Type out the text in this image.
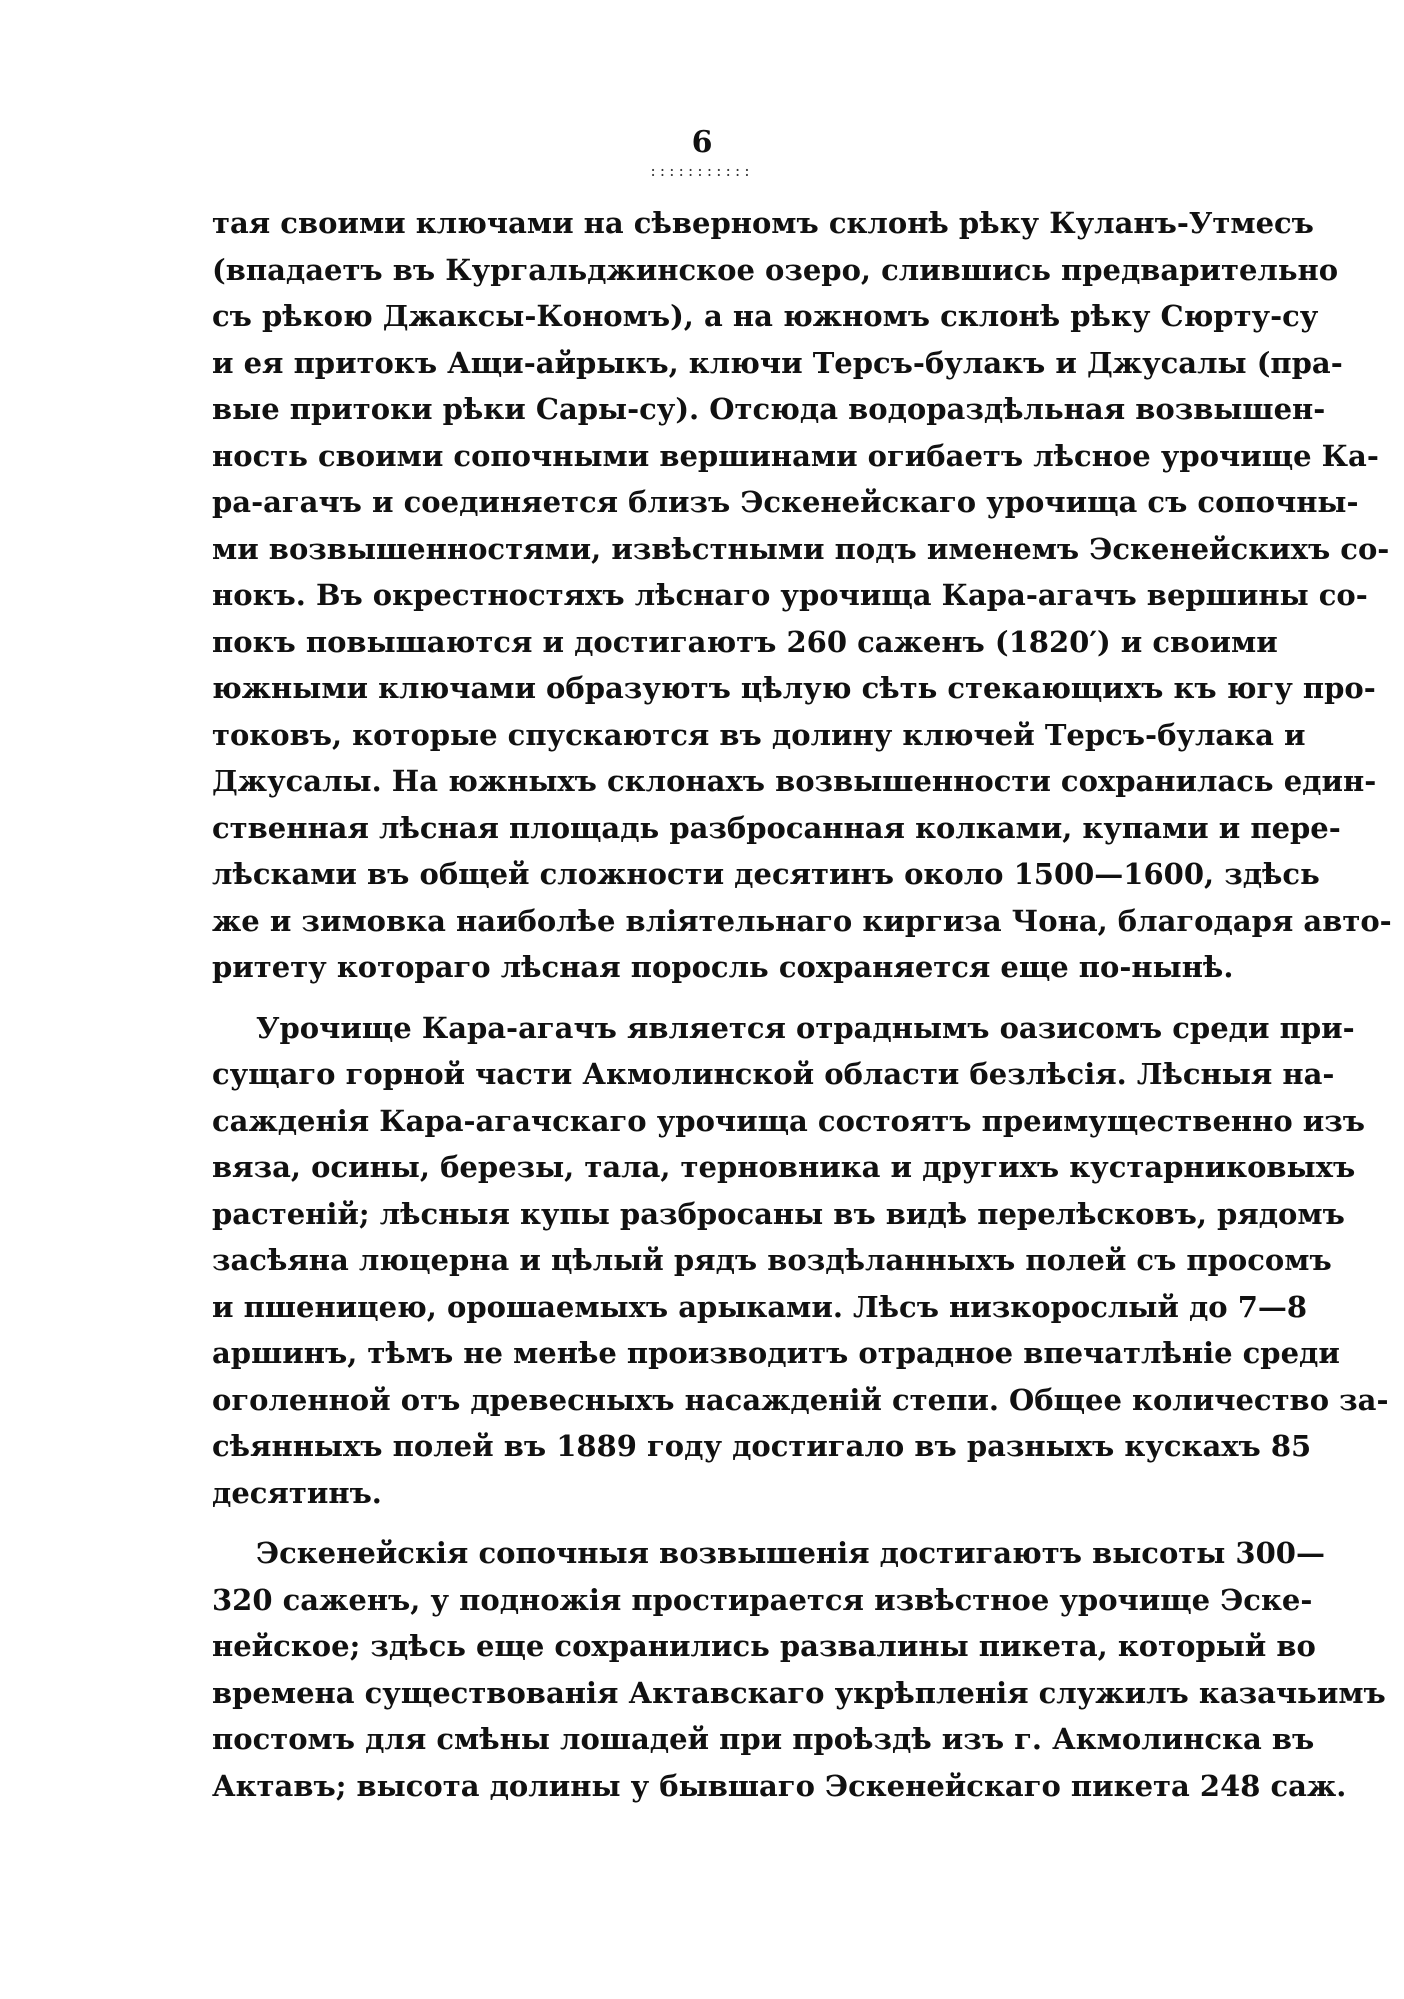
6
:::::::::::
тая своими ключами на сѣверномъ склонѣ рѣку Куланъ-Утмесъ
(впадаетъ въ Кургальджинское озеро, слившись предварительно
съ рѣкою Джаксы-Кономъ), а на южномъ склонѣ рѣку Сюрту-су
и ея притокъ Ащи-айрыкъ, ключи Терсъ-булакъ и Джусалы (пра-
вые притоки рѣки Сары-су). Отсюда водораздѣльная возвышен-
ность своими сопочными вершинами огибаетъ лѣсное урочище Ка-
ра-агачъ и соединяется близъ Эскенейскаго урочища съ сопочны-
ми возвышенностями, извѣстными подъ именемъ Эскенейскихъ со-
нокъ. Въ окрестностяхъ лѣснаго урочища Кара-агачъ вершины со-
покъ повышаются и достигаютъ 260 саженъ (1820′) и своими
южными ключами образуютъ цѣлую сѣть стекающихъ къ югу про-
токовъ, которые спускаются въ долину ключей Терсъ-булака и
Джусалы. На южныхъ склонахъ возвышенности сохранилась един-
ственная лѣсная площадь разбросанная колками, купами и пере-
лѣсками въ общей сложности десятинъ около 1500—1600, здѣсь
же и зимовка наиболѣе вліятельнаго киргиза Чона, благодаря авто-
ритету котораго лѣсная поросль сохраняется еще по-нынѣ.
Урочище Кара-агачъ является отраднымъ оазисомъ среди при-
сущаго горной части Акмолинской области безлѣсія. Лѣсныя на-
сажденія Кара-агачскаго урочища состоятъ преимущественно изъ
вяза, осины, березы, тала, терновника и другихъ кустарниковыхъ
растеній; лѣсныя купы разбросаны въ видѣ перелѣсковъ, рядомъ
засѣяна люцерна и цѣлый рядъ воздѣланныхъ полей съ просомъ
и пшеницею, орошаемыхъ арыками. Лѣсъ низкорослый до 7—8
аршинъ, тѣмъ не менѣе производитъ отрадное впечатлѣніе среди
оголенной отъ древесныхъ насажденій степи. Общее количество за-
сѣянныхъ полей въ 1889 году достигало въ разныхъ кускахъ 85
десятинъ.
Эскенейскія сопочныя возвышенія достигаютъ высоты 300—
320 саженъ, у подножія простирается извѣстное урочище Эске-
нейское; здѣсь еще сохранились развалины пикета, который во
времена существованія Актавскаго укрѣпленія служилъ казачьимъ
постомъ для смѣны лошадей при проѣздѣ изъ г. Акмолинска въ
Актавъ; высота долины у бывшаго Эскенейскаго пикета 248 саж.
